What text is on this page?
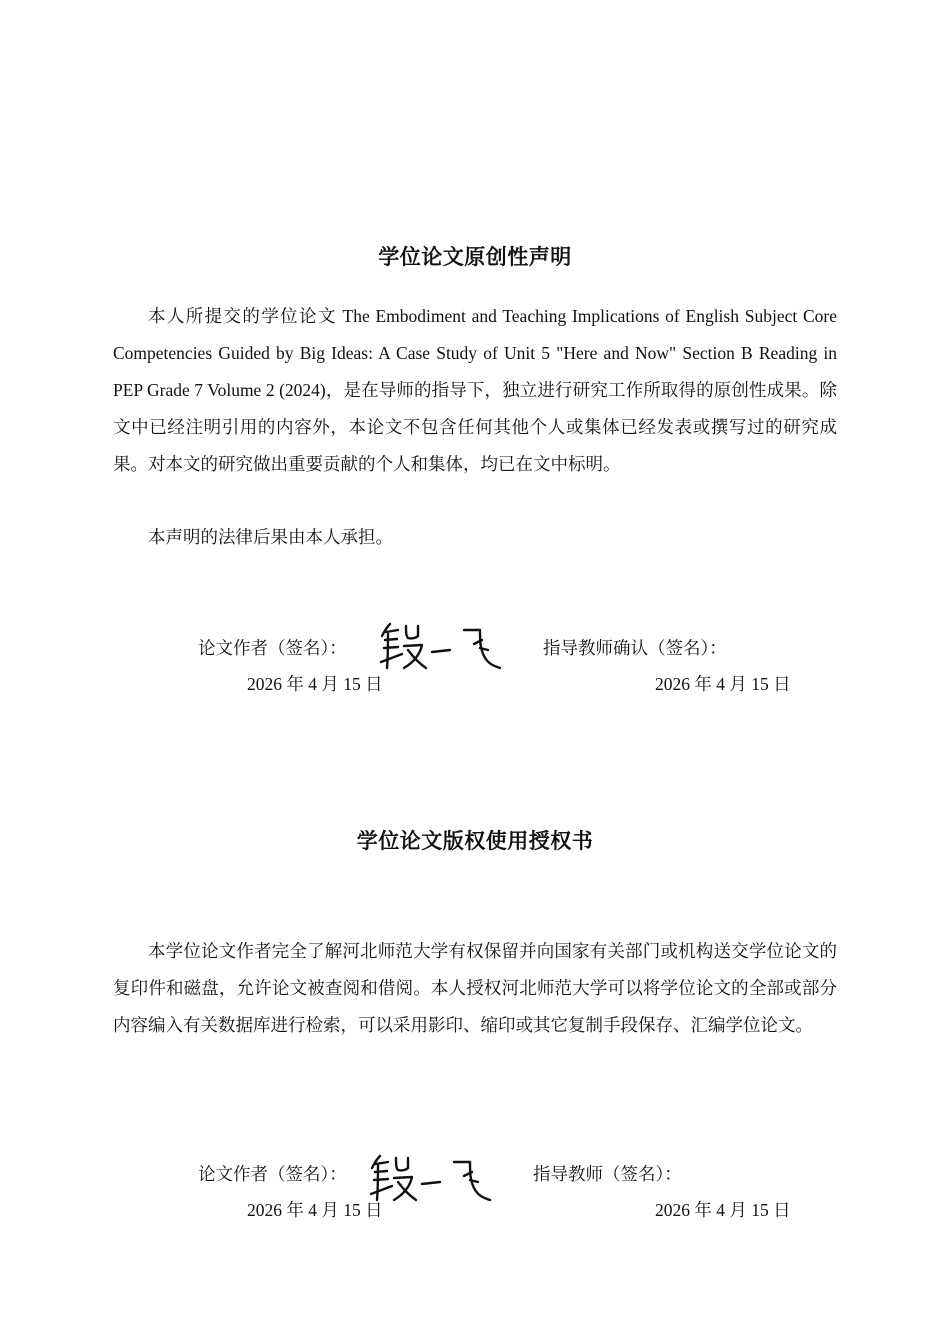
学位论文原创性声明

本人所提交的学位论文 The Embodiment and Teaching Implications of English Subject Core Competencies Guided by Big Ideas: A Case Study of Unit 5 "Here and Now" Section B Reading in PEP Grade 7 Volume 2 (2024)，是在导师的指导下，独立进行研究工作所取得的原创性成果。除文中已经注明引用的内容外，本论文不包含任何其他个人或集体已经发表或撰写过的研究成果。对本文的研究做出重要贡献的个人和集体，均已在文中标明。

本声明的法律后果由本人承担。

论文作者（签名）：	指导教师确认（签名）：
2026 年 4 月 15 日	2026 年 4 月 15 日
学位论文版权使用授权书

本学位论文作者完全了解河北师范大学有权保留并向国家有关部门或机构送交学位论文的复印件和磁盘，允许论文被查阅和借阅。本人授权河北师范大学可以将学位论文的全部或部分内容编入有关数据库进行检索，可以采用影印、缩印或其它复制手段保存、汇编学位论文。

论文作者（签名）：	指导教师（签名）：
2026 年 4 月 15 日	2026 年 4 月 15 日
